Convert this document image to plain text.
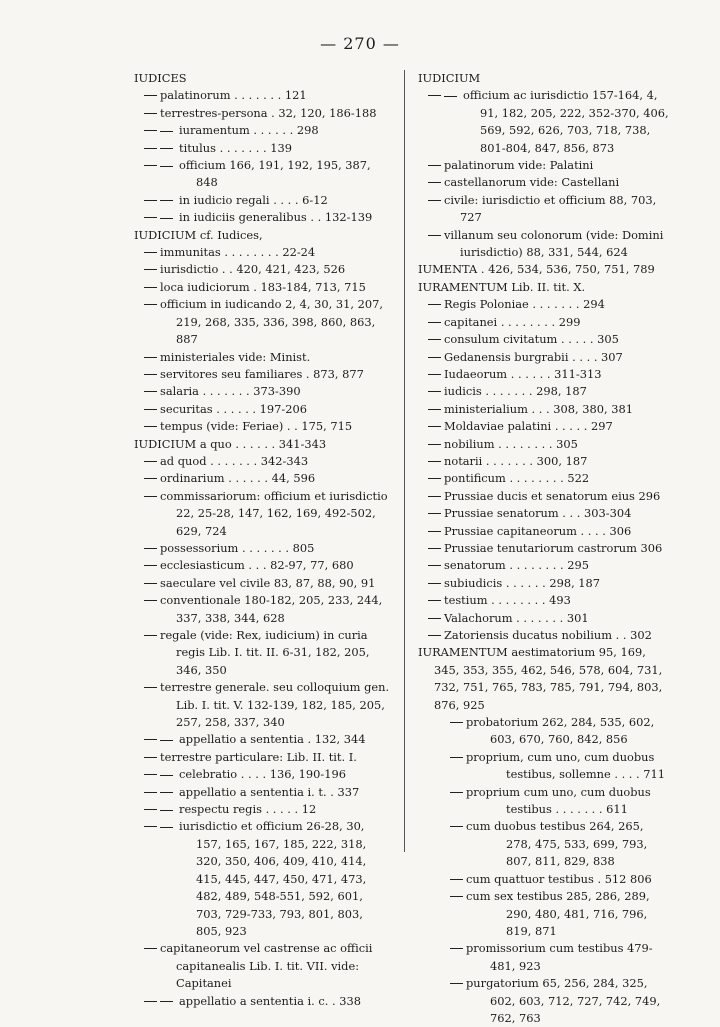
— 270 —
IUDICES
palatinorum . . . . . . . 121
terrestres-persona . 32, 120, 186-188
iuramentum . . . . . . 298
titulus . . . . . . . 139
officium 166, 191, 192, 195, 387, 848
in iudicio regali . . . . 6-12
in iudiciis generalibus . . 132-139
IUDICIUM cf. Iudices,
immunitas . . . . . . . . 22-24
iurisdictio . . 420, 421, 423, 526
loca iudiciorum . 183-184, 713, 715
officium in iudicando 2, 4, 30, 31, 207, 219, 268, 335, 336, 398, 860, 863, 887
ministeriales vide: Minist.
servitores seu familiares . 873, 877
salaria . . . . . . . 373-390
securitas . . . . . . 197-206
tempus (vide: Feriae) . . 175, 715
IUDICIUM a quo . . . . . . 341-343
ad quod . . . . . . . 342-343
ordinarium . . . . . . 44, 596
commissariorum: officium et iurisdictio 22, 25-28, 147, 162, 169, 492-502, 629, 724
possessorium . . . . . . . 805
ecclesiasticum . . . 82-97, 77, 680
saeculare vel civile 83, 87, 88, 90, 91
conventionale 180-182, 205, 233, 244, 337, 338, 344, 628
regale (vide: Rex, iudicium) in curia regis Lib. I. tit. II. 6-31, 182, 205, 346, 350
terrestre generale. seu colloquium gen. Lib. I. tit. V. 132-139, 182, 185, 205, 257, 258, 337, 340
appellatio a sententia . 132, 344
terrestre particulare: Lib. II. tit. I.
celebratio . . . . 136, 190-196
appellatio a sententia i. t. . 337
respectu regis . . . . . 12
iurisdictio et officium 26-28, 30, 157, 165, 167, 185, 222, 318, 320, 350, 406, 409, 410, 414, 415, 445, 447, 450, 471, 473, 482, 489, 548-551, 592, 601, 703, 729-733, 793, 801, 803, 805, 923
capitaneorum vel castrense ac officii capitanealis Lib. I. tit. VII. vide: Capitanei
appellatio a sententia i. c. . 338
IUDICIUM
officium ac iurisdictio 157-164, 4, 91, 182, 205, 222, 352-370, 406, 569, 592, 626, 703, 718, 738, 801-804, 847, 856, 873
palatinorum vide: Palatini
castellanorum vide: Castellani
civile: iurisdictio et officium 88, 703, 727
villanum seu colonorum (vide: Domini iurisdictio) 88, 331, 544, 624
IUMENTA . 426, 534, 536, 750, 751, 789
IURAMENTUM Lib. II. tit. X.
Regis Poloniae . . . . . . . 294
capitanei . . . . . . . . 299
consulum civitatum . . . . . 305
Gedanensis burgrabii . . . . 307
Iudaeorum . . . . . . 311-313
iudicis . . . . . . . 298, 187
ministerialium . . . 308, 380, 381
Moldaviae palatini . . . . . 297
nobilium . . . . . . . . 305
notarii . . . . . . . 300, 187
pontificum . . . . . . . . 522
Prussiae ducis et senatorum eius 296
Prussiae senatorum . . . 303-304
Prussiae capitaneorum . . . . 306
Prussiae tenutariorum castrorum 306
senatorum . . . . . . . . 295
subiudicis . . . . . . 298, 187
testium . . . . . . . . 493
Valachorum . . . . . . . 301
Zatoriensis ducatus nobilium . . 302
IURAMENTUM aestimatorium 95, 169, 345, 353, 355, 462, 546, 578, 604, 731, 732, 751, 765, 783, 785, 791, 794, 803, 876, 925
probatorium 262, 284, 535, 602, 603, 670, 760, 842, 856
proprium, cum uno, cum duobus testibus, sollemne . . . . 711
proprium cum uno, cum duobus testibus . . . . . . . 611
cum duobus testibus 264, 265, 278, 475, 533, 699, 793, 807, 811, 829, 838
cum quattuor testibus . 512 806
cum sex testibus 285, 286, 289, 290, 480, 481, 716, 796, 819, 871
promissorium cum testibus 479-481, 923
purgatorium 65, 256, 284, 325, 602, 603, 712, 727, 742, 749, 762, 763
